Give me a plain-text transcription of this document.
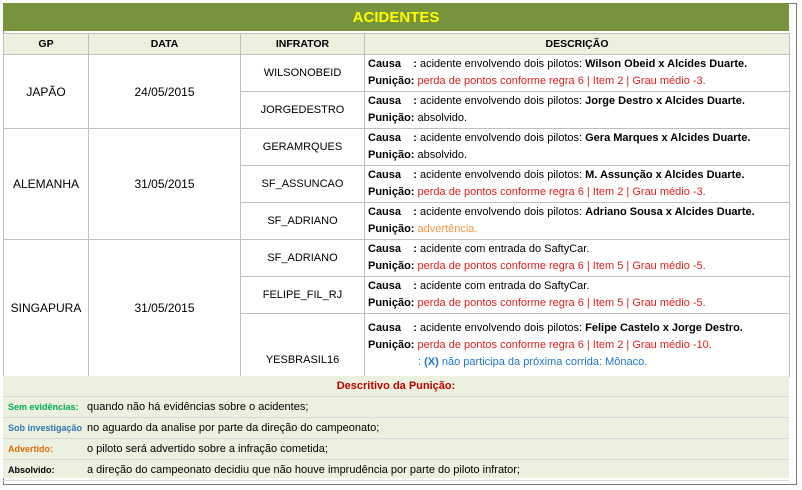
ACIDENTES
GP	DATA	INFRATOR	DESCRIÇÃO
JAPÃO	24/05/2015	WILSONOBEID	Causa : acidente envolvendo dois pilotos: Wilson Obeid x Alcides Duarte.
Punição: perda de pontos conforme regra 6 | Item 2 | Grau médio -3.

		JORGEDESTRO	Causa : acidente envolvendo dois pilotos: Jorge Destro x Alcides Duarte.
Punição: absolvido.

ALEMANHA	31/05/2015	GERAMRQUES	Causa : acidente envolvendo dois pilotos: Gera Marques x Alcides Duarte.
Punição: absolvido.

		SF_ASSUNCAO	Causa : acidente envolvendo dois pilotos: M. Assunção x Alcides Duarte.
Punição: perda de pontos conforme regra 6 | Item 2 | Grau médio -3.

		SF_ADRIANO	Causa : acidente envolvendo dois pilotos: Adriano Sousa x Alcides Duarte.
Punição: advertência.

SINGAPURA	31/05/2015	SF_ADRIANO	Causa : acidente com entrada do SaftyCar.
Punição: perda de pontos conforme regra 6 | Item 5 | Grau médio -5.

		FELIPE_FIL_RJ	Causa : acidente com entrada do SaftyCar.
Punição: perda de pontos conforme regra 6 | Item 5 | Grau médio -5.

		YESBRASIL16	Causa : acidente envolvendo dois pilotos: Felipe Castelo x Jorge Destro.
Punição: perda de pontos conforme regra 6 | Item 2 | Grau médio -10.
: (X) não participa da próxima corrida: Mônaco.
Descritivo da Punição:
Sem evidências: quando não há evidências sobre o acidentes;
Sob investigação no aguardo da analise por parte da direção do campeonato;
Advertido:	o piloto será advertido sobre a infração cometida;
Absolvido:	a direção do campeonato decidiu que não houve imprudência por parte do piloto infrator;
